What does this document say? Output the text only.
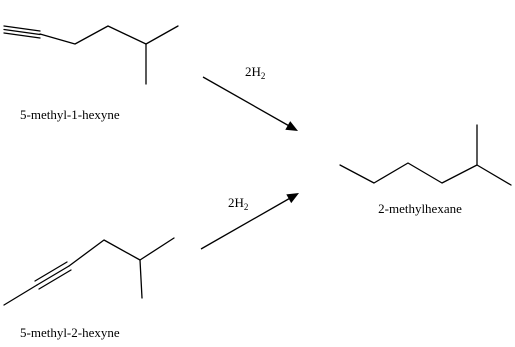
5-methyl-1-hexyne
5-methyl-2-hexyne
2-methylhexane
$2H_2$
$2H_2$
